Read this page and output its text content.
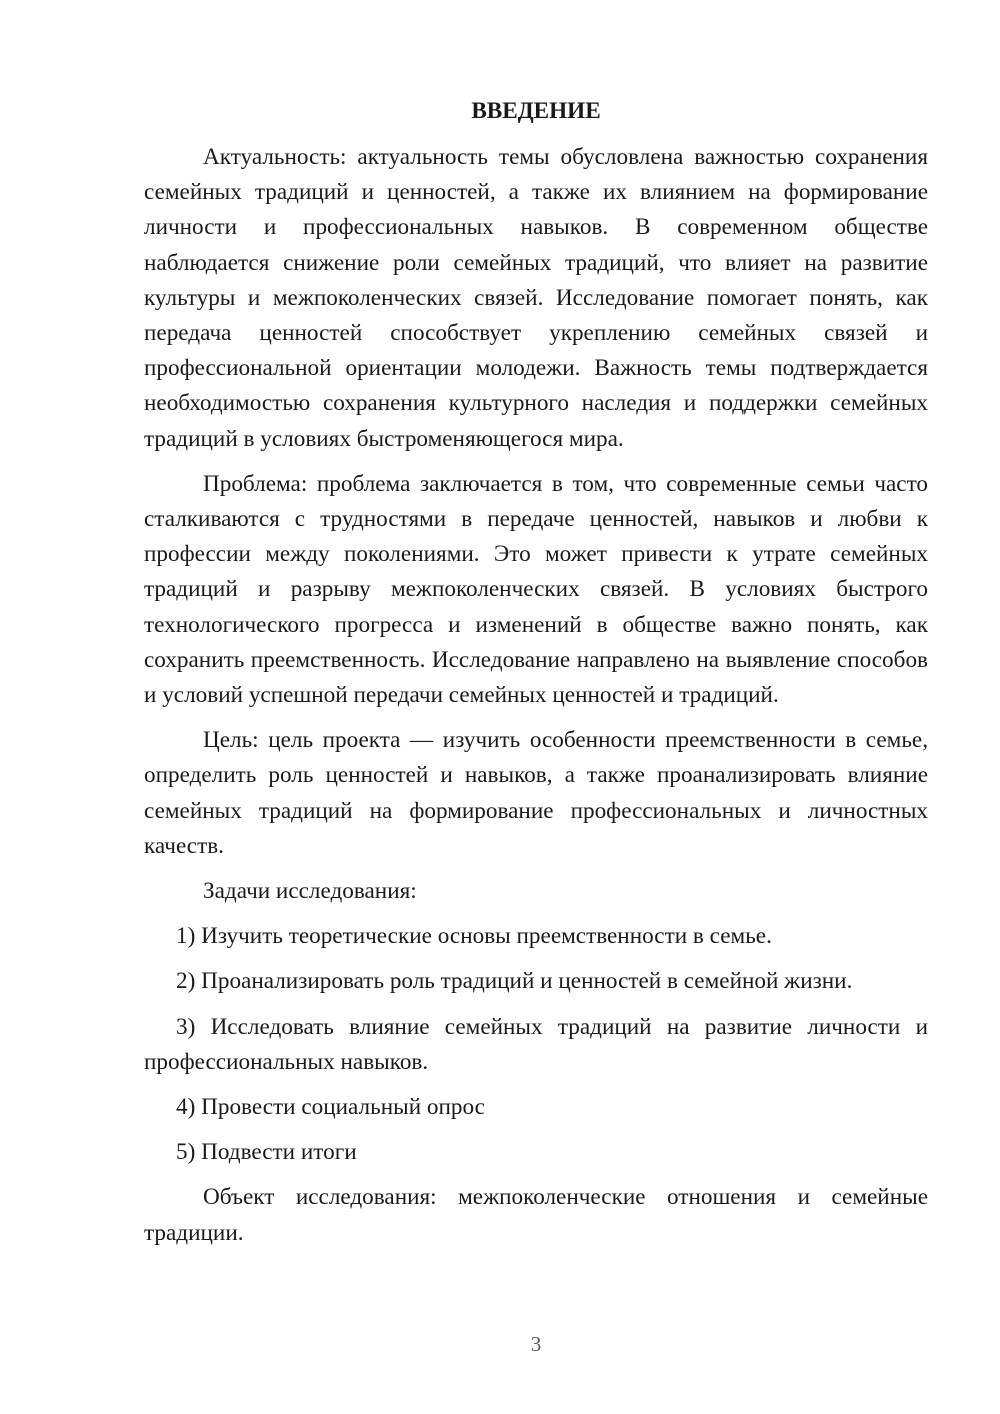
ВВЕДЕНИЕ

Актуальность: актуальность темы обусловлена важностью сохранения семейных традиций и ценностей, а также их влиянием на формирование личности и профессиональных навыков. В современном обществе наблюдается снижение роли семейных традиций, что влияет на развитие культуры и межпоколенческих связей. Исследование помогает понять, как передача ценностей способствует укреплению семейных связей и профессиональной ориентации молодежи. Важность темы подтверждается необходимостью сохранения культурного наследия и поддержки семейных традиций в условиях быстроменяющегося мира.

Проблема: проблема заключается в том, что современные семьи часто сталкиваются с трудностями в передаче ценностей, навыков и любви к профессии между поколениями. Это может привести к утрате семейных традиций и разрыву межпоколенческих связей. В условиях быстрого технологического прогресса и изменений в обществе важно понять, как сохранить преемственность. Исследование направлено на выявление способов и условий успешной передачи семейных ценностей и традиций.

Цель: цель проекта — изучить особенности преемственности в семье, определить роль ценностей и навыков, а также проанализировать влияние семейных традиций на формирование профессиональных и личностных качеств.

Задачи исследования:

1) Изучить теоретические основы преемственности в семье.

2) Проанализировать роль традиций и ценностей в семейной жизни.

3) Исследовать влияние семейных традиций на развитие личности и профессиональных навыков.

4) Провести социальный опрос

5) Подвести итоги

Объект исследования: межпоколенческие отношения и семейные традиции.

3
